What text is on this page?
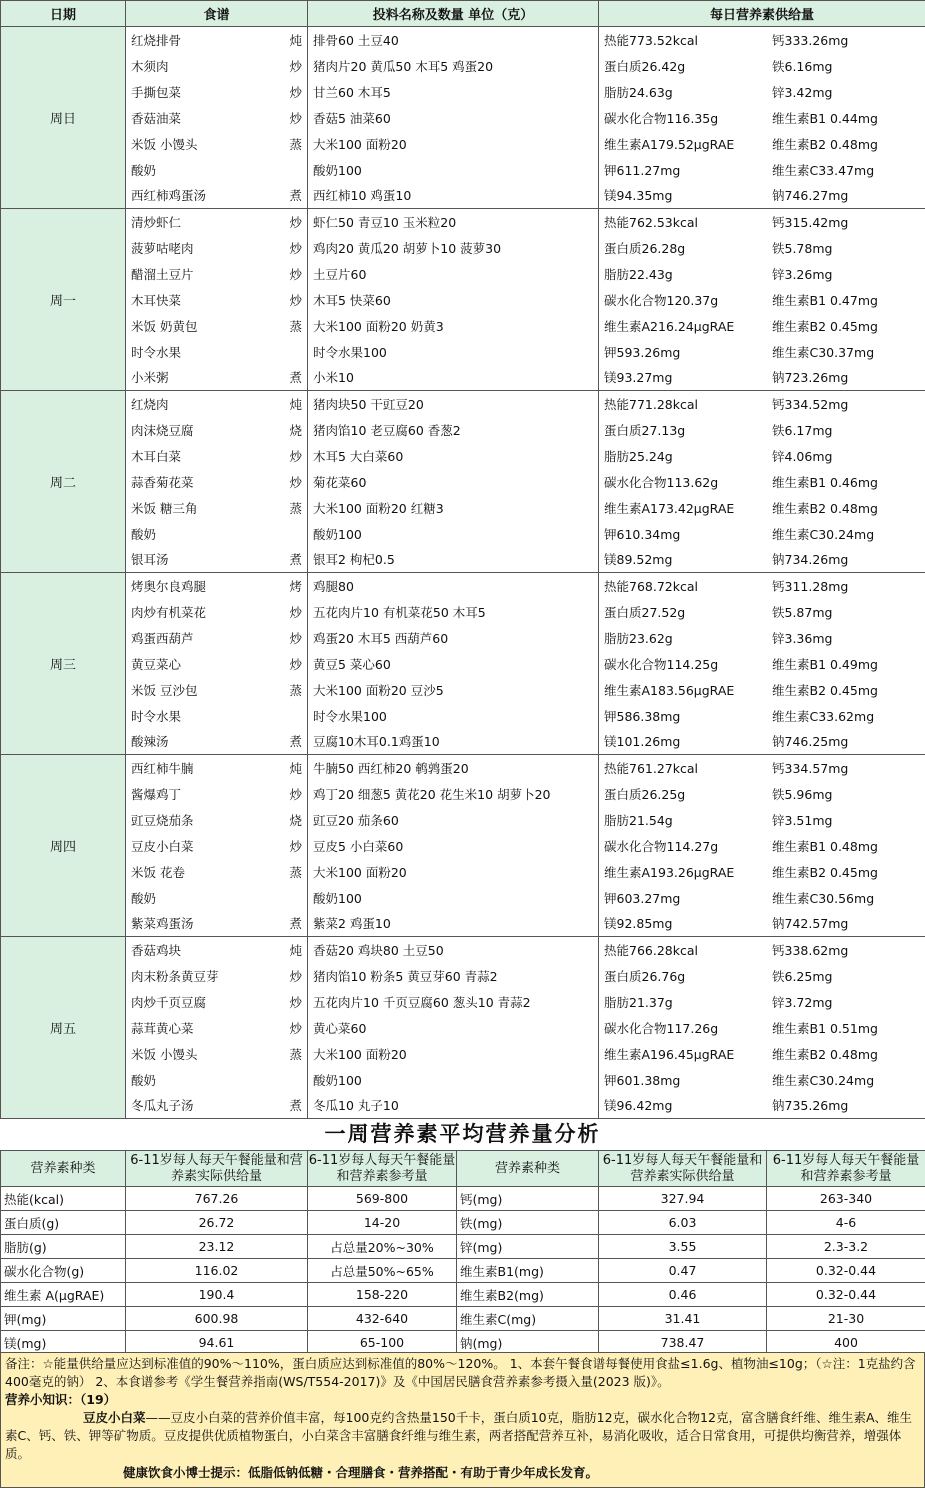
日期	食谱	投料名称及数量 单位（克）	每日营养素供给量
周日	红烧排骨 炖	排骨60 土豆40	热能773.52kcal 钙333.26mg

	木须肉 炒	猪肉片20 黄瓜50 木耳5 鸡蛋20	蛋白质26.42g 铁6.16mg

	手撕包菜 炒	甘兰60 木耳5	脂肪24.63g 锌3.42mg

	香菇油菜 炒	香菇5 油菜60	碳水化合物116.35g 维生素B1 0.44mg

	米饭 小馒头 蒸	大米100 面粉20	维生素A179.52μgRAE 维生素B2 0.48mg

	酸奶	酸奶100	钾611.27mg 维生素C33.47mg

	西红柿鸡蛋汤 煮	西红柿10 鸡蛋10	镁94.35mg 钠746.27mg

周一	清炒虾仁 炒	虾仁50 青豆10 玉米粒20	热能762.53kcal 钙315.42mg

	菠萝咕咾肉 炒	鸡肉20 黄瓜20 胡萝卜10 菠萝30	蛋白质26.28g 铁5.78mg

	醋溜土豆片 炒	土豆片60	脂肪22.43g 锌3.26mg

	木耳快菜 炒	木耳5 快菜60	碳水化合物120.37g 维生素B1 0.47mg

	米饭 奶黄包 蒸	大米100 面粉20 奶黄3	维生素A216.24μgRAE 维生素B2 0.45mg

	时令水果	时令水果100	钾593.26mg 维生素C30.37mg

	小米粥 煮	小米10	镁93.27mg 钠723.26mg

周二	红烧肉 炖	猪肉块50 干豇豆20	热能771.28kcal 钙334.52mg

	肉沫烧豆腐 烧	猪肉馅10 老豆腐60 香葱2	蛋白质27.13g 铁6.17mg

	木耳白菜 炒	木耳5 大白菜60	脂肪25.24g 锌4.06mg

	蒜香菊花菜 炒	菊花菜60	碳水化合物113.62g 维生素B1 0.46mg

	米饭 糖三角 蒸	大米100 面粉20 红糖3	维生素A173.42μgRAE 维生素B2 0.48mg

	酸奶	酸奶100	钾610.34mg 维生素C30.24mg

	银耳汤 煮	银耳2 枸杞0.5	镁89.52mg 钠734.26mg

周三	烤奥尔良鸡腿 烤	鸡腿80	热能768.72kcal 钙311.28mg

	肉炒有机菜花 炒	五花肉片10 有机菜花50 木耳5	蛋白质27.52g 铁5.87mg

	鸡蛋西葫芦 炒	鸡蛋20 木耳5 西葫芦60	脂肪23.62g 锌3.36mg

	黄豆菜心 炒	黄豆5 菜心60	碳水化合物114.25g 维生素B1 0.49mg

	米饭 豆沙包 蒸	大米100 面粉20 豆沙5	维生素A183.56μgRAE 维生素B2 0.45mg

	时令水果	时令水果100	钾586.38mg 维生素C33.62mg

	酸辣汤 煮	豆腐10木耳0.1鸡蛋10	镁101.26mg 钠746.25mg

周四	西红柿牛腩 炖	牛腩50 西红柿20 鹌鹑蛋20	热能761.27kcal 钙334.57mg

	酱爆鸡丁 炒	鸡丁20 细葱5 黄花20 花生米10 胡萝卜20	蛋白质26.25g 铁5.96mg

	豇豆烧茄条 烧	豇豆20 茄条60	脂肪21.54g 锌3.51mg

	豆皮小白菜 炒	豆皮5 小白菜60	碳水化合物114.27g 维生素B1 0.48mg

	米饭 花卷 蒸	大米100 面粉20	维生素A193.26μgRAE 维生素B2 0.45mg

	酸奶	酸奶100	钾603.27mg 维生素C30.56mg

	紫菜鸡蛋汤 煮	紫菜2 鸡蛋10	镁92.85mg 钠742.57mg

周五	香菇鸡块 炖	香菇20 鸡块80 土豆50	热能766.28kcal 钙338.62mg

	肉末粉条黄豆芽 炒	猪肉馅10 粉条5 黄豆芽60 青蒜2	蛋白质26.76g 铁6.25mg

	肉炒千页豆腐 炒	五花肉片10 千页豆腐60 葱头10 青蒜2	脂肪21.37g 锌3.72mg

	蒜茸黄心菜 炒	黄心菜60	碳水化合物117.26g 维生素B1 0.51mg

	米饭 小馒头 蒸	大米100 面粉20	维生素A196.45μgRAE 维生素B2 0.48mg

	酸奶	酸奶100	钾601.38mg 维生素C30.24mg

	冬瓜丸子汤 煮	冬瓜10 丸子10	镁96.42mg 钠735.26mg
一周营养素平均营养量分析
营养素种类	6-11岁每人每天午餐能量和营养素实际供给量	6-11岁每人每天午餐能量和营养素参考量	营养素种类	6-11岁每人每天午餐能量和营养素实际供给量	6-11岁每人每天午餐能量和营养素参考量
热能(kcal)	767.26	569-800	钙(mg)	327.94	263-340
蛋白质(g)	26.72	14-20	铁(mg)	6.03	4-6
脂肪(g)	23.12	占总量20%~30%	锌(mg)	3.55	2.3-3.2
碳水化合物(g)	116.02	占总量50%~65%	维生素B1(mg)	0.47	0.32-0.44
维生素 A(μgRAE)	190.4	158-220	维生素B2(mg)	0.46	0.32-0.44
钾(mg)	600.98	432-640	维生素C(mg)	31.41	21-30
镁(mg)	94.61	65-100	钠(mg)	738.47	400
备注：☆能量供给量应达到标准值的90%～110%，蛋白质应达到标准值的80%～120%。 1、本套午餐食谱每餐使用食盐≤1.6g、植物油≤10g；（☆注：1克盐约含400毫克的钠） 2、本食谱参考《学生餐营养指南(WS/T554-2017)》及《中国居民膳食营养素参考摄入量(2023 版)》。
营养小知识：（19）
豆皮小白菜——豆皮小白菜的营养价值丰富，每100克约含热量150千卡，蛋白质10克，脂肪12克，碳水化合物12克，富含膳食纤维、维生素A、维生素C、钙、铁、钾等矿物质。豆皮提供优质植物蛋白，小白菜含丰富膳食纤维与维生素，两者搭配营养互补，易消化吸收，适合日常食用，可提供均衡营养，增强体质。
健康饮食小博士提示：低脂低钠低糖・合理膳食・营养搭配・有助于青少年成长发育。
